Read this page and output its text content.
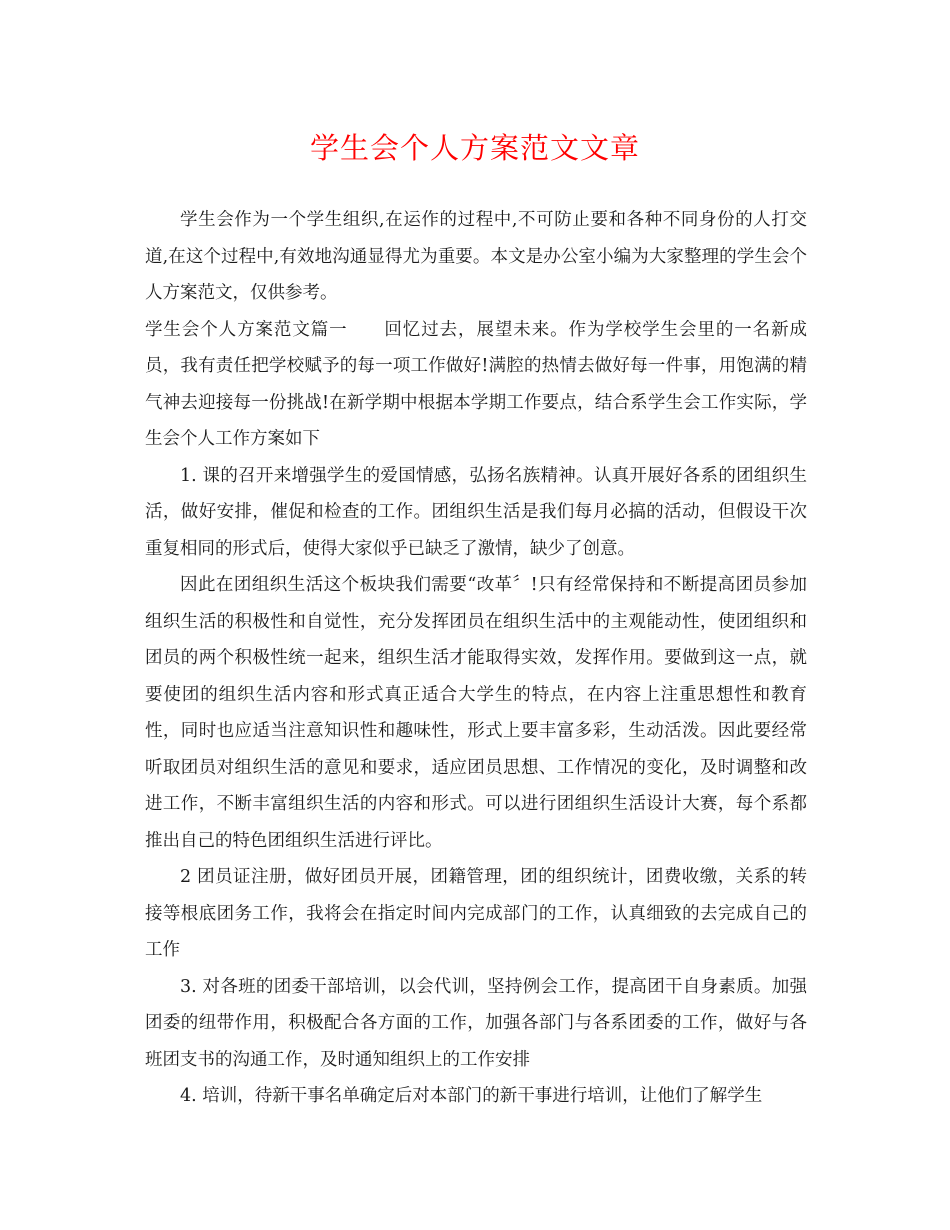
学生会个人方案范文文章

学生会作为一个学生组织,在运作的过程中,不可防止要和各种不同身份的人打交道,在这个过程中,有效地沟通显得尤为重要。本文是办公室小编为大家整理的学生会个人方案范文，仅供参考。

学生会个人方案范文篇一　　回忆过去，展望未来。作为学校学生会里的一名新成员，我有责任把学校赋予的每一项工作做好!满腔的热情去做好每一件事，用饱满的精气神去迎接每一份挑战!在新学期中根据本学期工作要点，结合系学生会工作实际，学生会个人工作方案如下

1. 课的召开来增强学生的爱国情感，弘扬名族精神。认真开展好各系的团组织生活，做好安排，催促和检查的工作。团组织生活是我们每月必搞的活动，但假设干次重复相同的形式后，使得大家似乎已缺乏了激情，缺少了创意。

因此在团组织生活这个板块我们需要“改革〞!只有经常保持和不断提高团员参加组织生活的积极性和自觉性，充分发挥团员在组织生活中的主观能动性，使团组织和团员的两个积极性统一起来，组织生活才能取得实效，发挥作用。要做到这一点，就要使团的组织生活内容和形式真正适合大学生的特点，在内容上注重思想性和教育性，同时也应适当注意知识性和趣味性，形式上要丰富多彩，生动活泼。因此要经常听取团员对组织生活的意见和要求，适应团员思想、工作情况的变化，及时调整和改进工作，不断丰富组织生活的内容和形式。可以进行团组织生活设计大赛，每个系都推出自己的特色团组织生活进行评比。

2 团员证注册，做好团员开展，团籍管理，团的组织统计，团费收缴，关系的转接等根底团务工作，我将会在指定时间内完成部门的工作，认真细致的去完成自己的工作

3. 对各班的团委干部培训，以会代训，坚持例会工作，提高团干自身素质。加强团委的纽带作用，积极配合各方面的工作，加强各部门与各系团委的工作，做好与各班团支书的沟通工作，及时通知组织上的工作安排

4. 培训，待新干事名单确定后对本部门的新干事进行培训，让他们了解学生
